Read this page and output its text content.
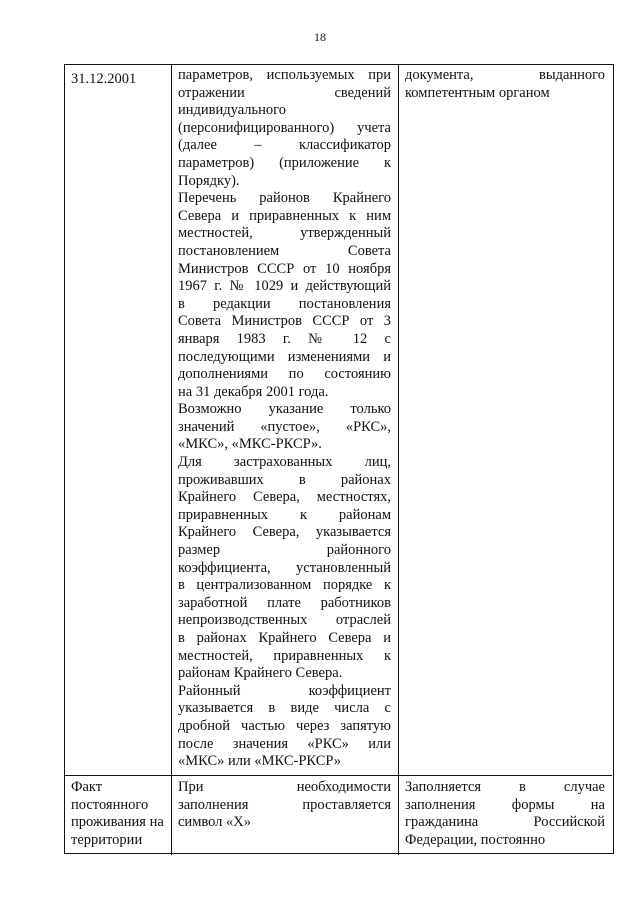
18
31.12.2001	параметров, используемых при
отражении сведений
индивидуального
(персонифицированного) учета
(далее – классификатор
параметров) (приложение к
Порядку).
Перечень районов Крайнего
Севера и приравненных к ним
местностей, утвержденный
постановлением Совета
Министров СССР от 10 ноября
1967 г. № 1029 и действующий
в редакции постановления
Совета Министров СССР от 3
января 1983 г. № 12 с
последующими изменениями и
дополнениями по состоянию
на 31 декабря 2001 года.
Возможно указание только
значений «пустое», «РКС»,
«МКС», «МКС-РКСР».
Для застрахованных лиц,
проживавших в районах
Крайнего Севера, местностях,
приравненных к районам
Крайнего Севера, указывается
размер районного
коэффициента, установленный
в централизованном порядке к
заработной плате работников
непроизводственных отраслей
в районах Крайнего Севера и
местностей, приравненных к
районам Крайнего Севера.
Районный коэффициент
указывается в виде числа с
дробной частью через запятую
после значения «РКС» или
«МКС» или «МКС-РКСР»
документа, выданного
компетентным органом
Факт
постоянного
проживания на
территории
При необходимости
заполнения проставляется
символ «Х»
Заполняется в случае
заполнения формы на
гражданина Российской
Федерации, постоянно
